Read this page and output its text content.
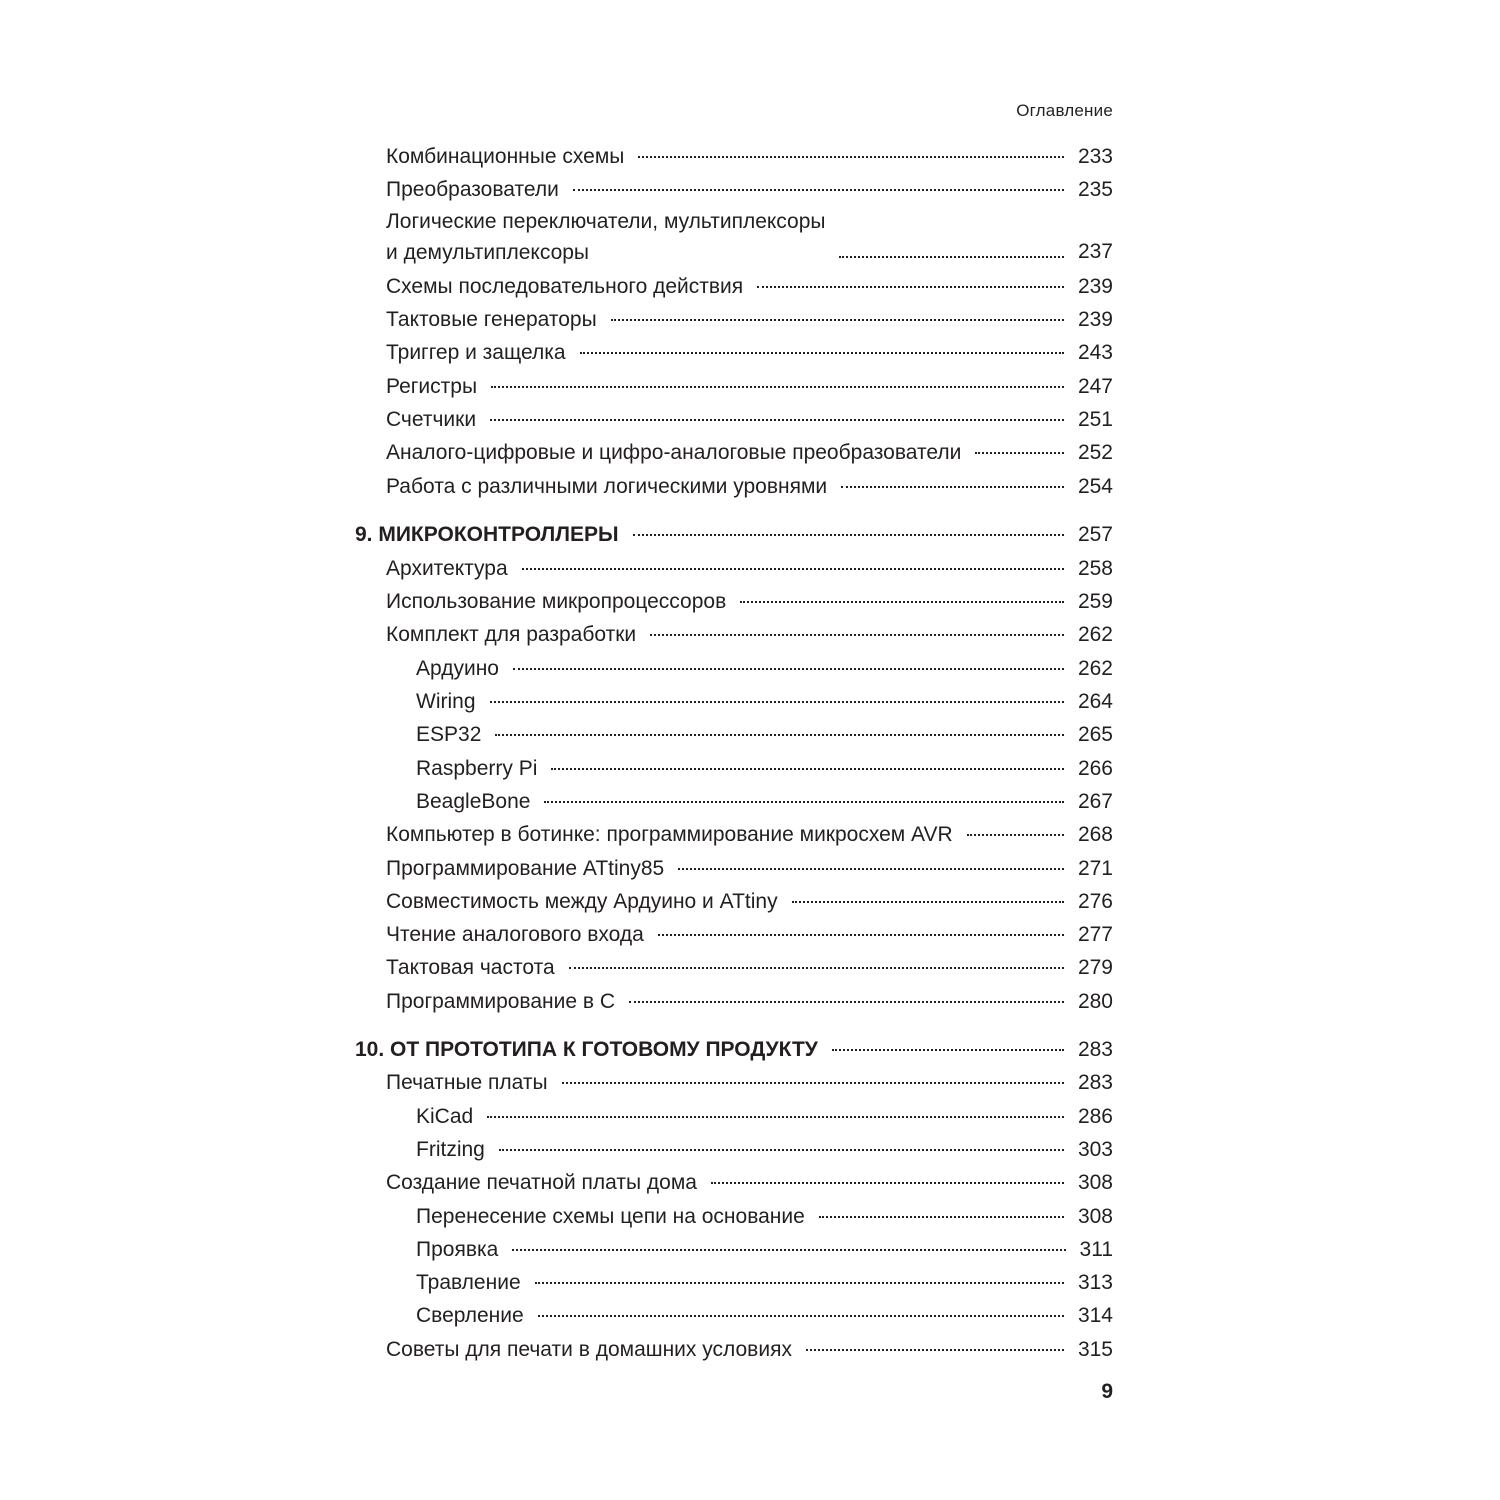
Оглавление
Комбинационные схемы	233
Преобразователи	235
Логические переключатели, мультиплексоры
и демультиплексоры	237
Схемы последовательного действия	239
Тактовые генераторы	239
Триггер и защелка	243
Регистры	247
Счетчики	251
Аналого-цифровые и цифро-аналоговые преобразователи	252
Работа с различными логическими уровнями	254
9. МИКРОКОНТРОЛЛЕРЫ	257
Архитектура	258
Использование микропроцессоров	259
Комплект для разработки	262
Ардуино	262
Wiring	264
ESP32	265
Raspberry Pi	266
BeagleBone	267
Компьютер в ботинке: программирование микросхем AVR	268
Программирование ATtiny85	271
Совместимость между Ардуино и ATtiny	276
Чтение аналогового входа	277
Тактовая частота	279
Программирование в C	280
10. ОТ ПРОТОТИПА К ГОТОВОМУ ПРОДУКТУ	283
Печатные платы	283
KiCad	286
Fritzing	303
Создание печатной платы дома	308
Перенесение схемы цепи на основание	308
Проявка	311
Травление	313
Сверление	314
Советы для печати в домашних условиях	315
9
